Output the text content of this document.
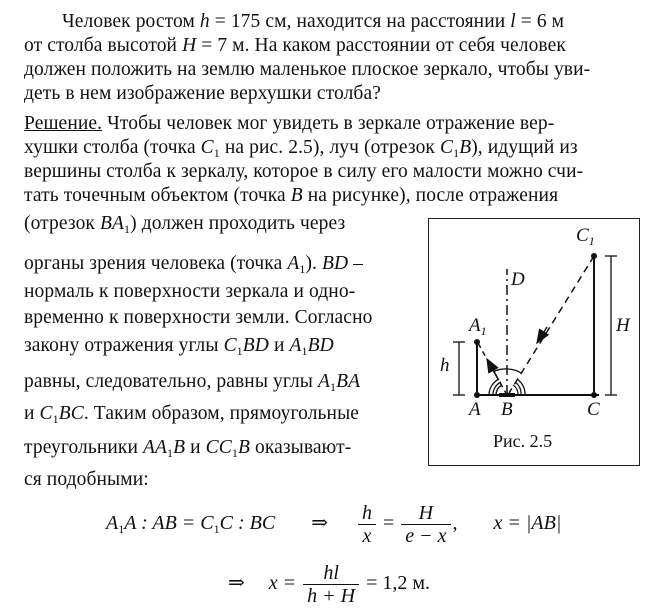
Человек ростом h = 175 см, находится на расстоянии l = 6 м
от столба высотой H = 7 м. На каком расстоянии от себя человек
должен положить на землю маленькое плоское зеркало, чтобы уви-
деть в нем изображение верхушки столба?
Решение. Чтобы человек мог увидеть в зеркале отражение вер-
хушки столба (точка $C_1$ на рис. 2.5), луч (отрезок $C_1B$), идущий из
вершины столба к зеркалу, которое в силу его малости можно счи-
тать точечным объектом (точка B на рисунке), после отражения
(отрезок $BA_1$) должен проходить через
органы зрения человека (точка $A_1$). BD –
нормаль к поверхности зеркала и одно-
временно к поверхности земли. Согласно
закону отражения углы $C_1BD$ и $A_1BD$
равны, следовательно, равны углы $A_1BA$
и $C_1BC$. Таким образом, прямоугольные
треугольники $AA_1B$ и $CC_1B$ оказывают-
ся подобными:
$C_1$
D
$A_1$
h
H
A B	C
Рис. 2.5
$A_1A$ : AB = $C_1C$ : BC ⇒ $\frac{h}{x} = \frac{H}{e - x}$ , x = |AB|
⇒ $x = \frac{hl}{h + H} = 1,2$ м.
